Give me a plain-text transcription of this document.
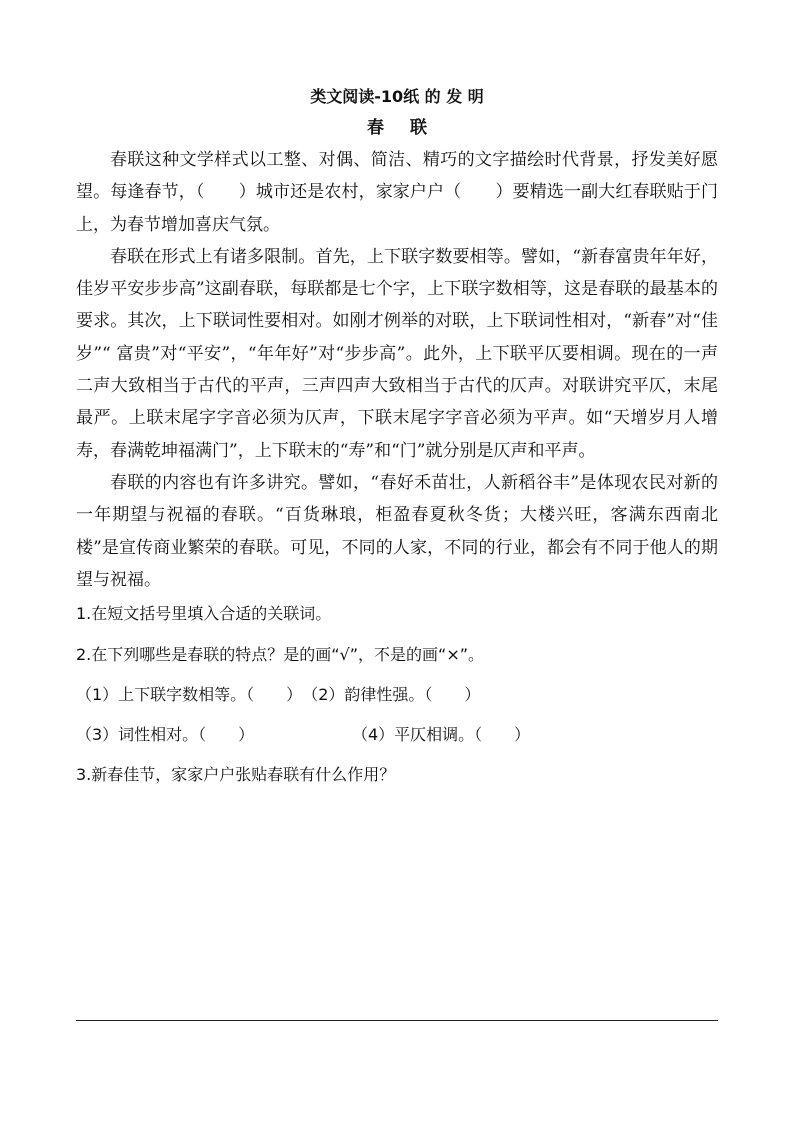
类文阅读-10纸 的 发 明
春联

春联这种文学样式以工整、对偶、简洁、精巧的文字描绘时代背景，抒发美好愿望。每逢春节，（　　）城市还是农村，家家户户（　　）要精选一副大红春联贴于门上，为春节增加喜庆气氛。

春联在形式上有诸多限制。首先，上下联字数要相等。譬如，“新春富贵年年好，佳岁平安步步高”这副春联，每联都是七个字，上下联字数相等，这是春联的最基本的要求。其次，上下联词性要相对。如刚才例举的对联，上下联词性相对，“新春”对“佳岁”“ 富贵”对“平安”，“年年好”对“步步高”。此外，上下联平仄要相调。现在的一声二声大致相当于古代的平声，三声四声大致相当于古代的仄声。对联讲究平仄，末尾最严。上联末尾字字音必须为仄声，下联末尾字字音必须为平声。如“天增岁月人增寿，春满乾坤福满门”，上下联末的“寿”和“门”就分别是仄声和平声。

春联的内容也有许多讲究。譬如，“春好禾苗壮，人新稻谷丰”是体现农民对新的一年期望与祝福的春联。“百货琳琅，柜盈春夏秋冬货；大楼兴旺，客满东西南北楼”是宣传商业繁荣的春联。可见，不同的人家，不同的行业，都会有不同于他人的期望与祝福。

1.在短文括号里填入合适的关联词。

2.在下列哪些是春联的特点？是的画“√”，不是的画“×”。

（1）上下联字数相等。（　　）（2）韵律性强。（　　）

（3）词性相对。（　　）	（4）平仄相调。（　　）

3.新春佳节，家家户户张贴春联有什么作用？
